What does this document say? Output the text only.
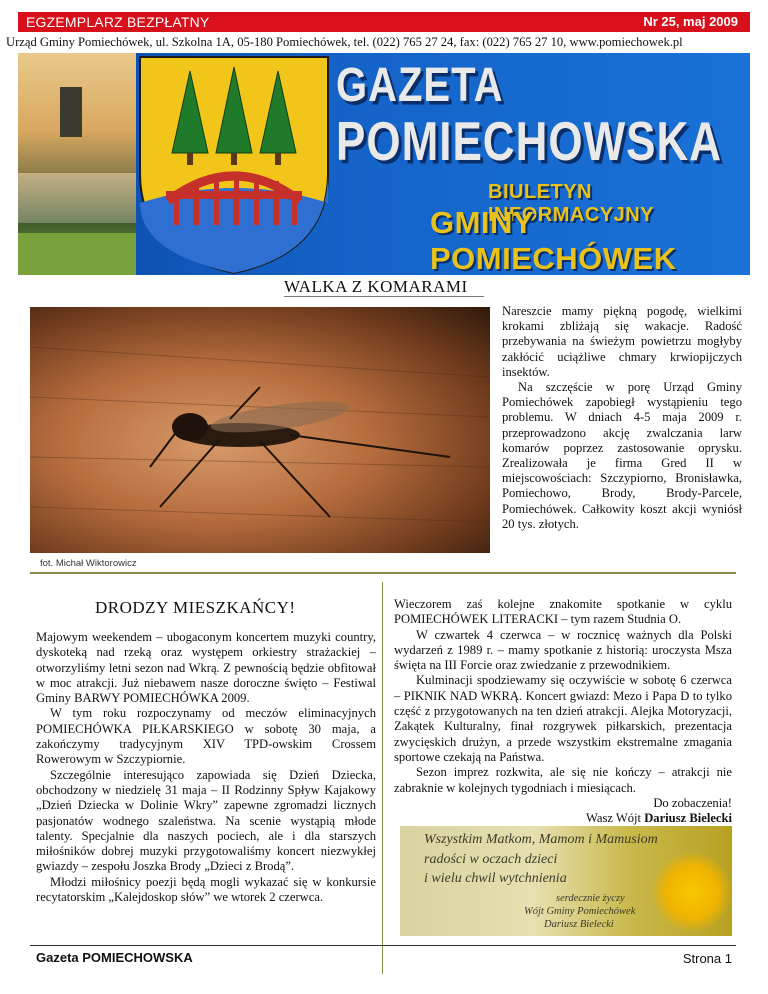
EGZEMPLARZ BEZPŁATNY	Nr 25, maj 2009
Urząd Gminy Pomiechówek, ul. Szkolna 1A, 05-180 Pomiechówek, tel. (022) 765 27 24, fax: (022) 765 27 10, www.pomiechowek.pl
GAZETA
POMIECHOWSKA
BIULETYN INFORMACYJNY
GMINY POMIECHÓWEK
WALKA Z KOMARAMI
fot. Michał Wiktorowicz

Nareszcie mamy piękną pogodę, wielkimi krokami zbliżają się wakacje. Radość przebywania na świeżym powietrzu mogłyby zakłócić uciążliwe chmary krwiopijczych insektów.

Na szczęście w porę Urząd Gminy Pomiechówek zapobiegł wystąpieniu tego problemu. W dniach 4-5 maja 2009 r. przeprowadzono akcję zwalczania larw komarów poprzez zastosowanie oprysku. Zrealizowała je firma Gred II w miejscowościach: Szczypiorno, Bronisławka, Pomiechowo, Brody, Brody-Parcele, Pomiechówek. Całkowity koszt akcji wyniósł 20 tys. złotych.

DRODZY MIESZKAŃCY!

Majowym weekendem – ubogaconym koncertem muzyki country, dyskoteką nad rzeką oraz występem orkiestry strażackiej – otworzyliśmy letni sezon nad Wkrą. Z pewnością będzie obfitował w moc atrakcji. Już niebawem nasze doroczne święto – Festiwal Gminy BARWY POMIECHÓWKA 2009.

W tym roku rozpoczynamy od meczów eliminacyjnych POMIECHÓWKA PIŁKARSKIEGO w sobotę 30 maja, a zakończymy tradycyjnym XIV TPD-owskim Crossem Rowerowym w Szczypiornie.

Szczególnie interesująco zapowiada się Dzień Dziecka, obchodzony w niedzielę 31 maja – II Rodzinny Spływ Kajakowy „Dzień Dziecka w Dolinie Wkry” zapewne zgromadzi licznych pasjonatów wodnego szaleństwa. Na scenie wystąpią młode talenty. Specjalnie dla naszych pociech, ale i dla starszych miłośników dobrej muzyki przygotowaliśmy koncert niezwykłej gwiazdy – zespołu Joszka Brody „Dzieci z Brodą”.

Młodzi miłośnicy poezji będą mogli wykazać się w konkursie recytatorskim „Kalejdoskop słów” we wtorek 2 czerwca.

Wieczorem zaś kolejne znakomite spotkanie w cyklu POMIECHÓWEK LITERACKI – tym razem Studnia O.

W czwartek 4 czerwca – w rocznicę ważnych dla Polski wydarzeń z 1989 r. – mamy spotkanie z historią: uroczysta Msza święta na III Forcie oraz zwiedzanie z przewodnikiem.

Kulminacji spodziewamy się oczywiście w sobotę 6 czerwca – PIKNIK NAD WKRĄ. Koncert gwiazd: Mezo i Papa D to tylko część z przygotowanych na ten dzień atrakcji. Alejka Motoryzacji, Zakątek Kulturalny, finał rozgrywek piłkarskich, prezentacja zwycięskich drużyn, a przede wszystkim ekstremalne zmagania sportowe czekają na Państwa.

Sezon imprez rozkwita, ale się nie kończy – atrakcji nie zabraknie w kolejnych tygodniach i miesiącach.

Do zobaczenia!

Wasz Wójt Dariusz Bielecki

Wszystkim Matkom, Mamom i Mamusiom
radości w oczach dzieci
i wielu chwil wytchnienia
serdecznie życzy
Wójt Gminy Pomiechówek
Dariusz Bielecki
Gazeta POMIECHOWSKA	Strona 1
